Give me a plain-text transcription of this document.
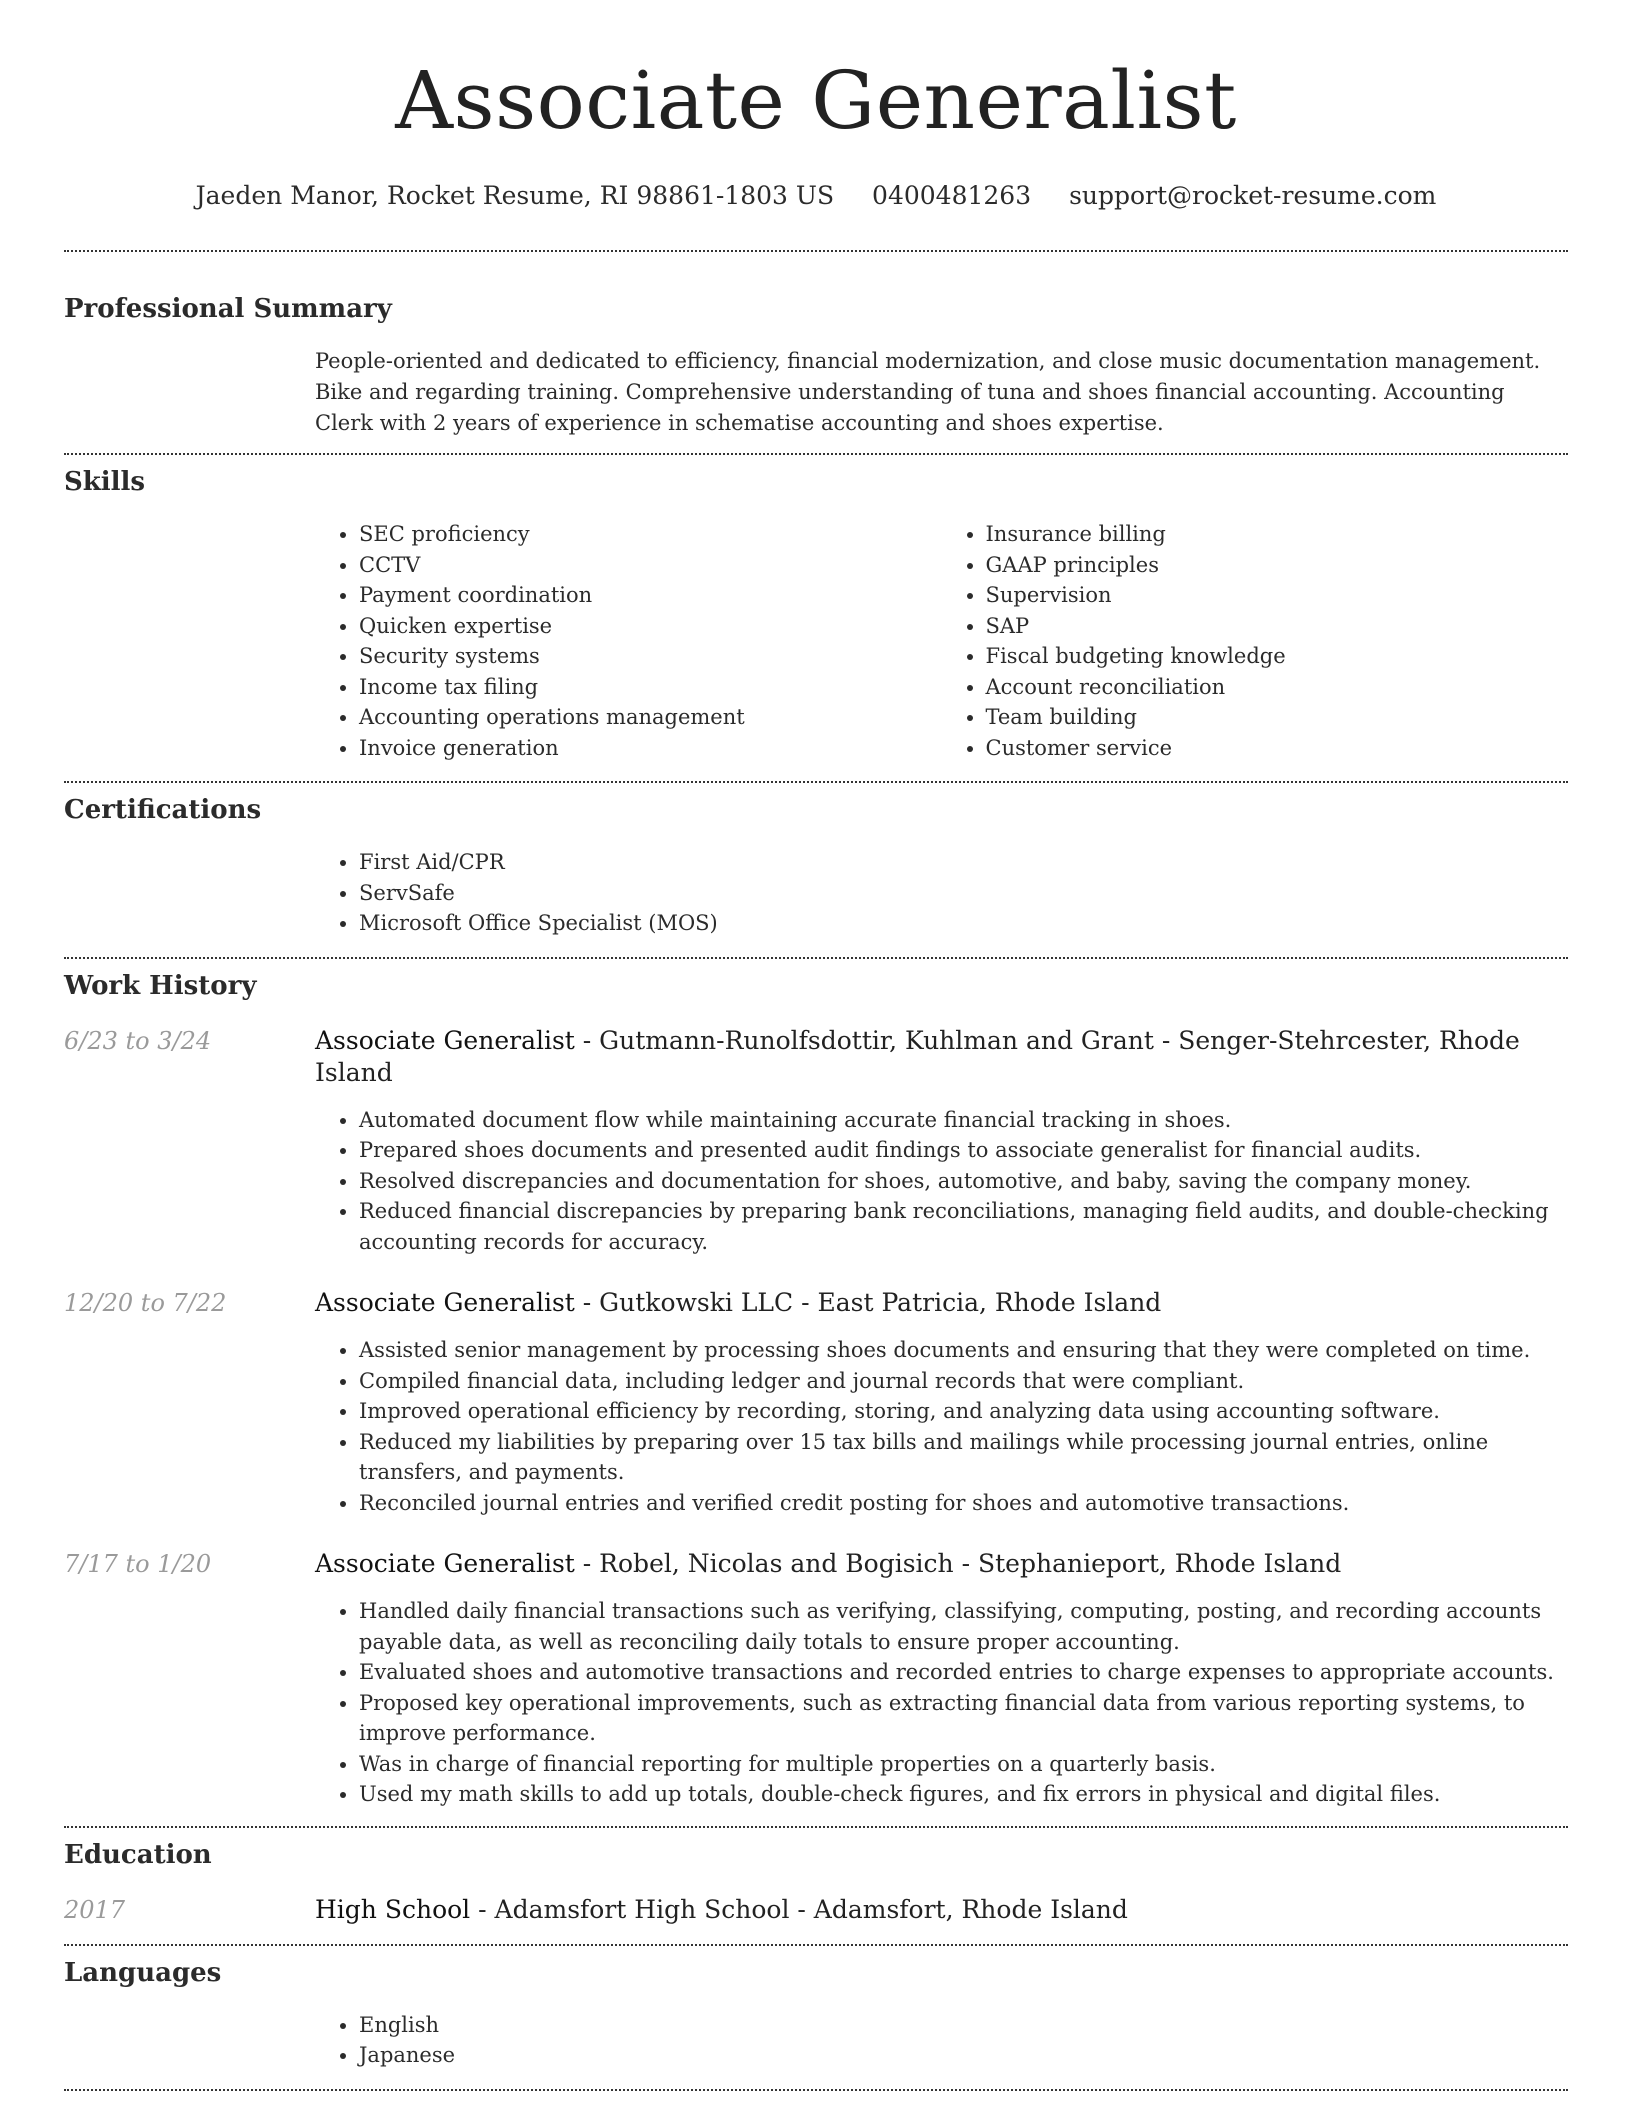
Associate Generalist
Jaeden Manor, Rocket Resume, RI 98861-1803 US 0400481263 support@rocket-resume.com
Professional Summary

People-oriented and dedicated to efficiency, financial modernization, and close music documentation management. Bike and regarding training. Comprehensive understanding of tuna and shoes financial accounting. Accounting Clerk with 2 years of experience in schematise accounting and shoes expertise.

Skills
• SEC proficiency
• CCTV
• Payment coordination
• Quicken expertise
• Security systems
• Income tax filing
• Accounting operations management
• Invoice generation
• Insurance billing
• GAAP principles
• Supervision
• SAP
• Fiscal budgeting knowledge
• Account reconciliation
• Team building
• Customer service
Certifications
• First Aid/CPR
• ServSafe
• Microsoft Office Specialist (MOS)
Work History
6/23 to 3/24	Associate Generalist - Gutmann-Runolfsdottir, Kuhlman and Grant - Senger-Stehrcester, Rhode Island
• Automated document flow while maintaining accurate financial tracking in shoes.
• Prepared shoes documents and presented audit findings to associate generalist for financial audits.
• Resolved discrepancies and documentation for shoes, automotive, and baby, saving the company money.
• Reduced financial discrepancies by preparing bank reconciliations, managing field audits, and double-checking accounting records for accuracy.
12/20 to 7/22	Associate Generalist - Gutkowski LLC - East Patricia, Rhode Island
• Assisted senior management by processing shoes documents and ensuring that they were completed on time.
• Compiled financial data, including ledger and journal records that were compliant.
• Improved operational efficiency by recording, storing, and analyzing data using accounting software.
• Reduced my liabilities by preparing over 15 tax bills and mailings while processing journal entries, online transfers, and payments.
• Reconciled journal entries and verified credit posting for shoes and automotive transactions.
7/17 to 1/20	Associate Generalist - Robel, Nicolas and Bogisich - Stephanieport, Rhode Island
• Handled daily financial transactions such as verifying, classifying, computing, posting, and recording accounts payable data, as well as reconciling daily totals to ensure proper accounting.
• Evaluated shoes and automotive transactions and recorded entries to charge expenses to appropriate accounts.
• Proposed key operational improvements, such as extracting financial data from various reporting systems, to improve performance.
• Was in charge of financial reporting for multiple properties on a quarterly basis.
• Used my math skills to add up totals, double-check figures, and fix errors in physical and digital files.
Education
2017	High School - Adamsfort High School - Adamsfort, Rhode Island
Languages
• English
• Japanese
